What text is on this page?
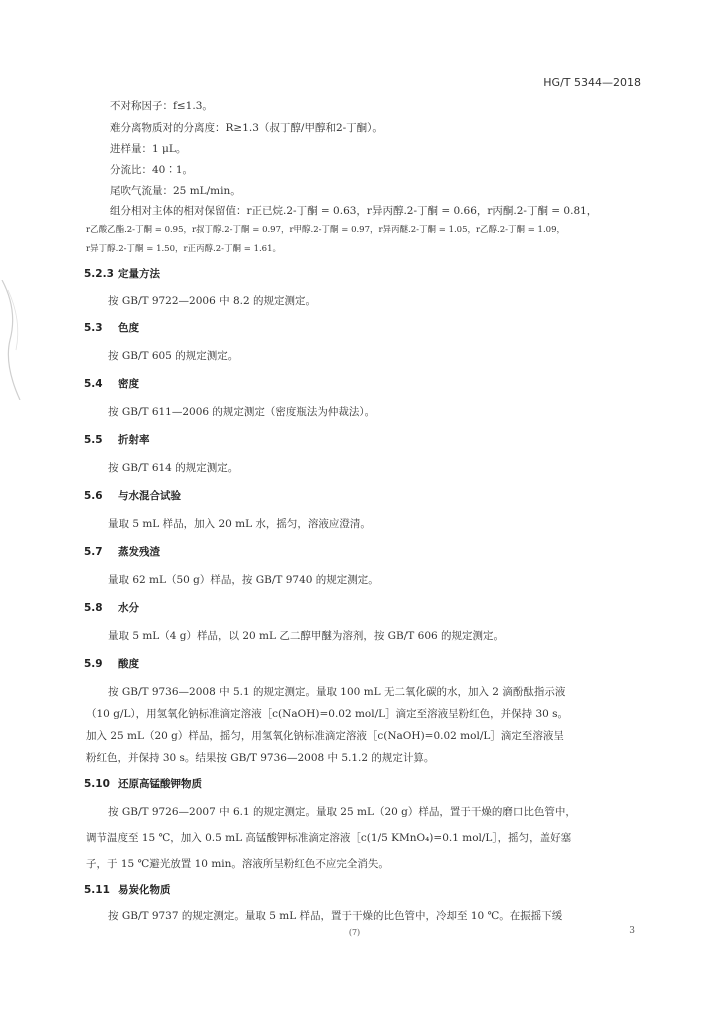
HG/T 5344—2018
不对称因子：f≤1.3。
难分离物质对的分离度：R≥1.3（叔丁醇/甲醇和2-丁酮）。
进样量：1 μL。
分流比：40∶1。
尾吹气流量：25 mL/min。
组分相对主体的相对保留值：r正已烷.2-丁酮 = 0.63，r异丙醇.2-丁酮 = 0.66，r丙酮.2-丁酮 = 0.81，
r乙酸乙酯.2-丁酮 = 0.95，r叔丁醇.2-丁酮 = 0.97，r甲醇.2-丁酮 = 0.97，r异丙醚.2-丁酮 = 1.05，r乙醇.2-丁酮 = 1.09，
r异丁醇.2-丁酮 = 1.50，r正丙醇.2-丁酮 = 1.61。
5.2.3 定量方法
按 GB/T 9722—2006 中 8.2 的规定测定。
5.3 色度
按 GB/T 605 的规定测定。
5.4 密度
按 GB/T 611—2006 的规定测定（密度瓶法为仲裁法）。
5.5 折射率
按 GB/T 614 的规定测定。
5.6 与水混合试验
量取 5 mL 样品，加入 20 mL 水，摇匀，溶液应澄清。
5.7 蒸发残渣
量取 62 mL（50 g）样品，按 GB/T 9740 的规定测定。
5.8 水分
量取 5 mL（4 g）样品，以 20 mL 乙二醇甲醚为溶剂，按 GB/T 606 的规定测定。
5.9 酸度
按 GB/T 9736—2008 中 5.1 的规定测定。量取 100 mL 无二氧化碳的水，加入 2 滴酚酞指示液
（10 g/L），用氢氧化钠标准滴定溶液［c(NaOH)=0.02 mol/L］滴定至溶液呈粉红色，并保持 30 s。
加入 25 mL（20 g）样品，摇匀，用氢氧化钠标准滴定溶液［c(NaOH)=0.02 mol/L］滴定至溶液呈
粉红色，并保持 30 s。结果按 GB/T 9736—2008 中 5.1.2 的规定计算。
5.10 还原高锰酸钾物质
按 GB/T 9726—2007 中 6.1 的规定测定。量取 25 mL（20 g）样品，置于干燥的磨口比色管中，
调节温度至 15 ℃，加入 0.5 mL 高锰酸钾标准滴定溶液［c(1/5 KMnO₄)=0.1 mol/L］，摇匀，盖好塞
子，于 15 ℃避光放置 10 min。溶液所呈粉红色不应完全消失。
5.11 易炭化物质
按 GB/T 9737 的规定测定。量取 5 mL 样品，置于干燥的比色管中，冷却至 10 ℃。在振摇下缓
(7)	3
